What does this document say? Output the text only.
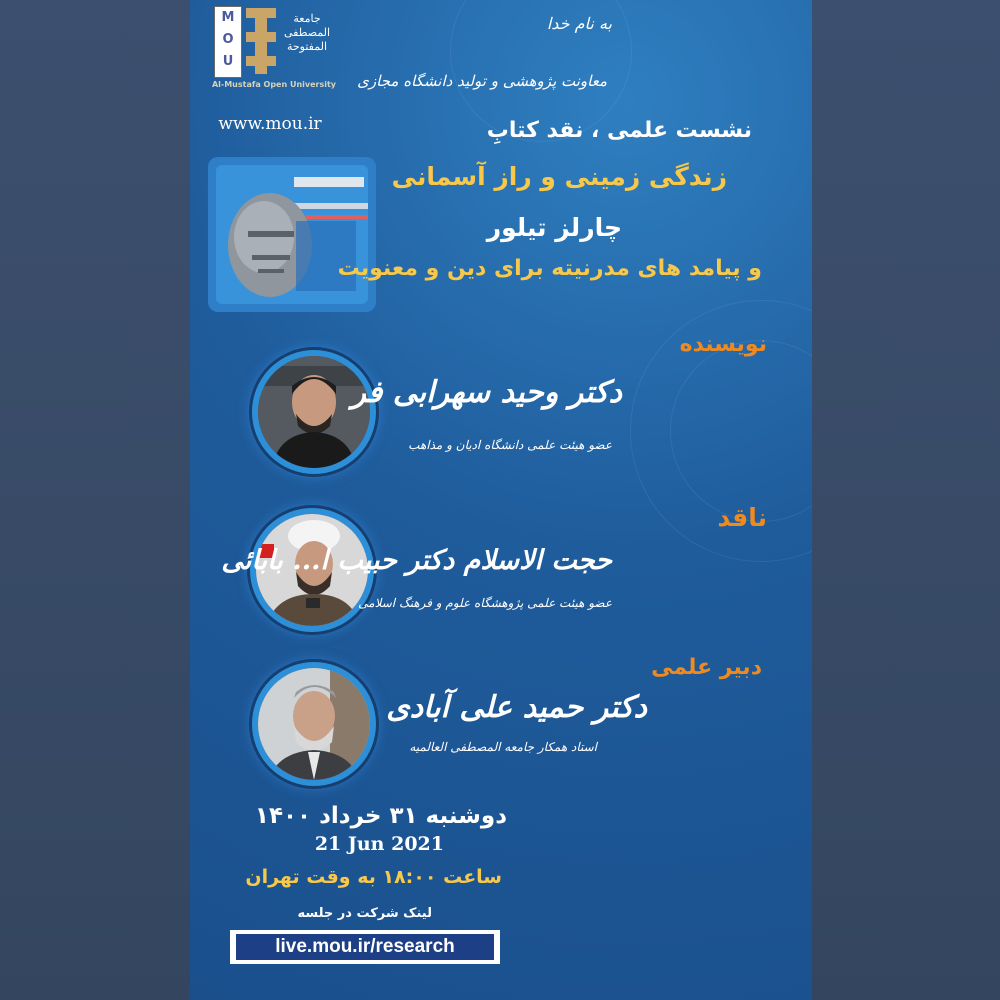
M
O
U
جامعة المصطفى المفتوحة
Al-Mustafa Open University
www.mou.ir
به نام خدا
معاونت پژوهشی و تولید دانشگاه مجازی
نشست علمی ، نقد کتابِ
زندگی زمینی و راز آسمانی
چارلز تیلور
و پیامد های مدرنیته برای دین و معنویت
نویسنده
دکتر وحید سهرابی فر
عضو هیئت علمی دانشگاه ادیان و مذاهب
ناقد
حجت الاسلام دکتر حبیب ا... بابائی
عضو هیئت علمی پژوهشگاه علوم و فرهنگ اسلامی
دبیر علمی
دکتر حمید علی آبادی
استاد همکار جامعه المصطفی العالمیه
دوشنبه ۳۱ خرداد ۱۴۰۰
21 Jun 2021
ساعت ۱۸:۰۰ به وقت تهران
لینک شرکت در جلسه
live.mou.ir/research
